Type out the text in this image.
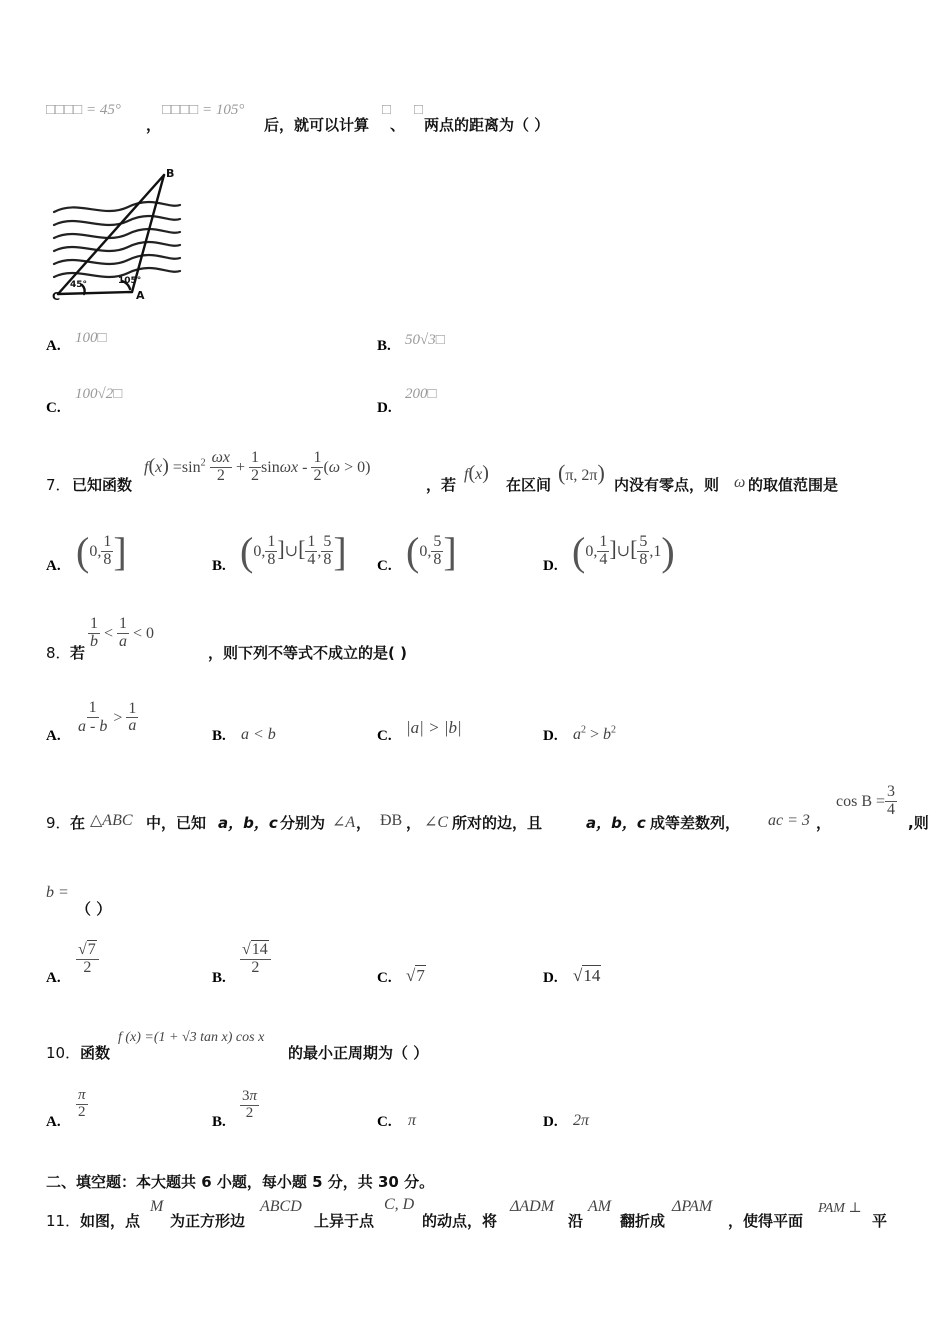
□□□□ = 45°
，
□□□□ = 105°
后，就可以计算
□
、
□
两点的距离为（ ）
B
C	A
45°	105°
A. 100□	B. 50√3□
C.
100√2□
D.
200□
7． 已知函数
$f(x) =\sin^2 \frac{\omega x}{2} + \frac{1}{2}$ $\sin\omega x - \frac{1}{2} (\omega > 0)$
，若
f(x)
在区间 (π, 2π) 内没有零点，则 ω 的取值范围是
A. (0, $\frac{1}{8}$ ]	B. (0, $\frac{1}{8}$ ]∪[ $\frac{1}{4}$ , $\frac{5}{8}$ ] C. (0, $\frac{5}{8}$ ]	D. (0, $\frac{1}{4}$ ]∪[ $\frac{5}{8} ,1$)
8． 若
$\frac{1}{b} < \frac{1}{a} < 0$
，则下列不等式不成立的是( )
A.
$\frac{1}{a - b} > \frac{1}{a}$
B. a < b	C. |a| > |b|	D. $a^2 > b^2$
9． 在 △ABC 中，已知 a，b，c 分别为 ∠A ， ÐB ， ∠C 所对的边，且	a，b，c 成等差数列， ac = 3 ，
$\cos B = \frac{3}{4}$
,则
b =
（ ）
A.
$\frac{√7}{2}$
B.
$\frac{√14}{2}$
C. √7	D. √14
10． 函数
f (x) =(1 + √3 tan x) cos x
的最小正周期为（ ）
A.
$\frac{\pi}{2}$
B.
$\frac{3\pi}{2}$
C. π	D. 2π
二、填空题：本大题共 6 小题，每小题 5 分，共 30 分。
11． 如图，点
M
为正方形边
ABCD
上异于点
C, D
的动点，将
ΔADM
沿
AM
翻折成
ΔPAM
，使得平面
PAM ⊥
平
